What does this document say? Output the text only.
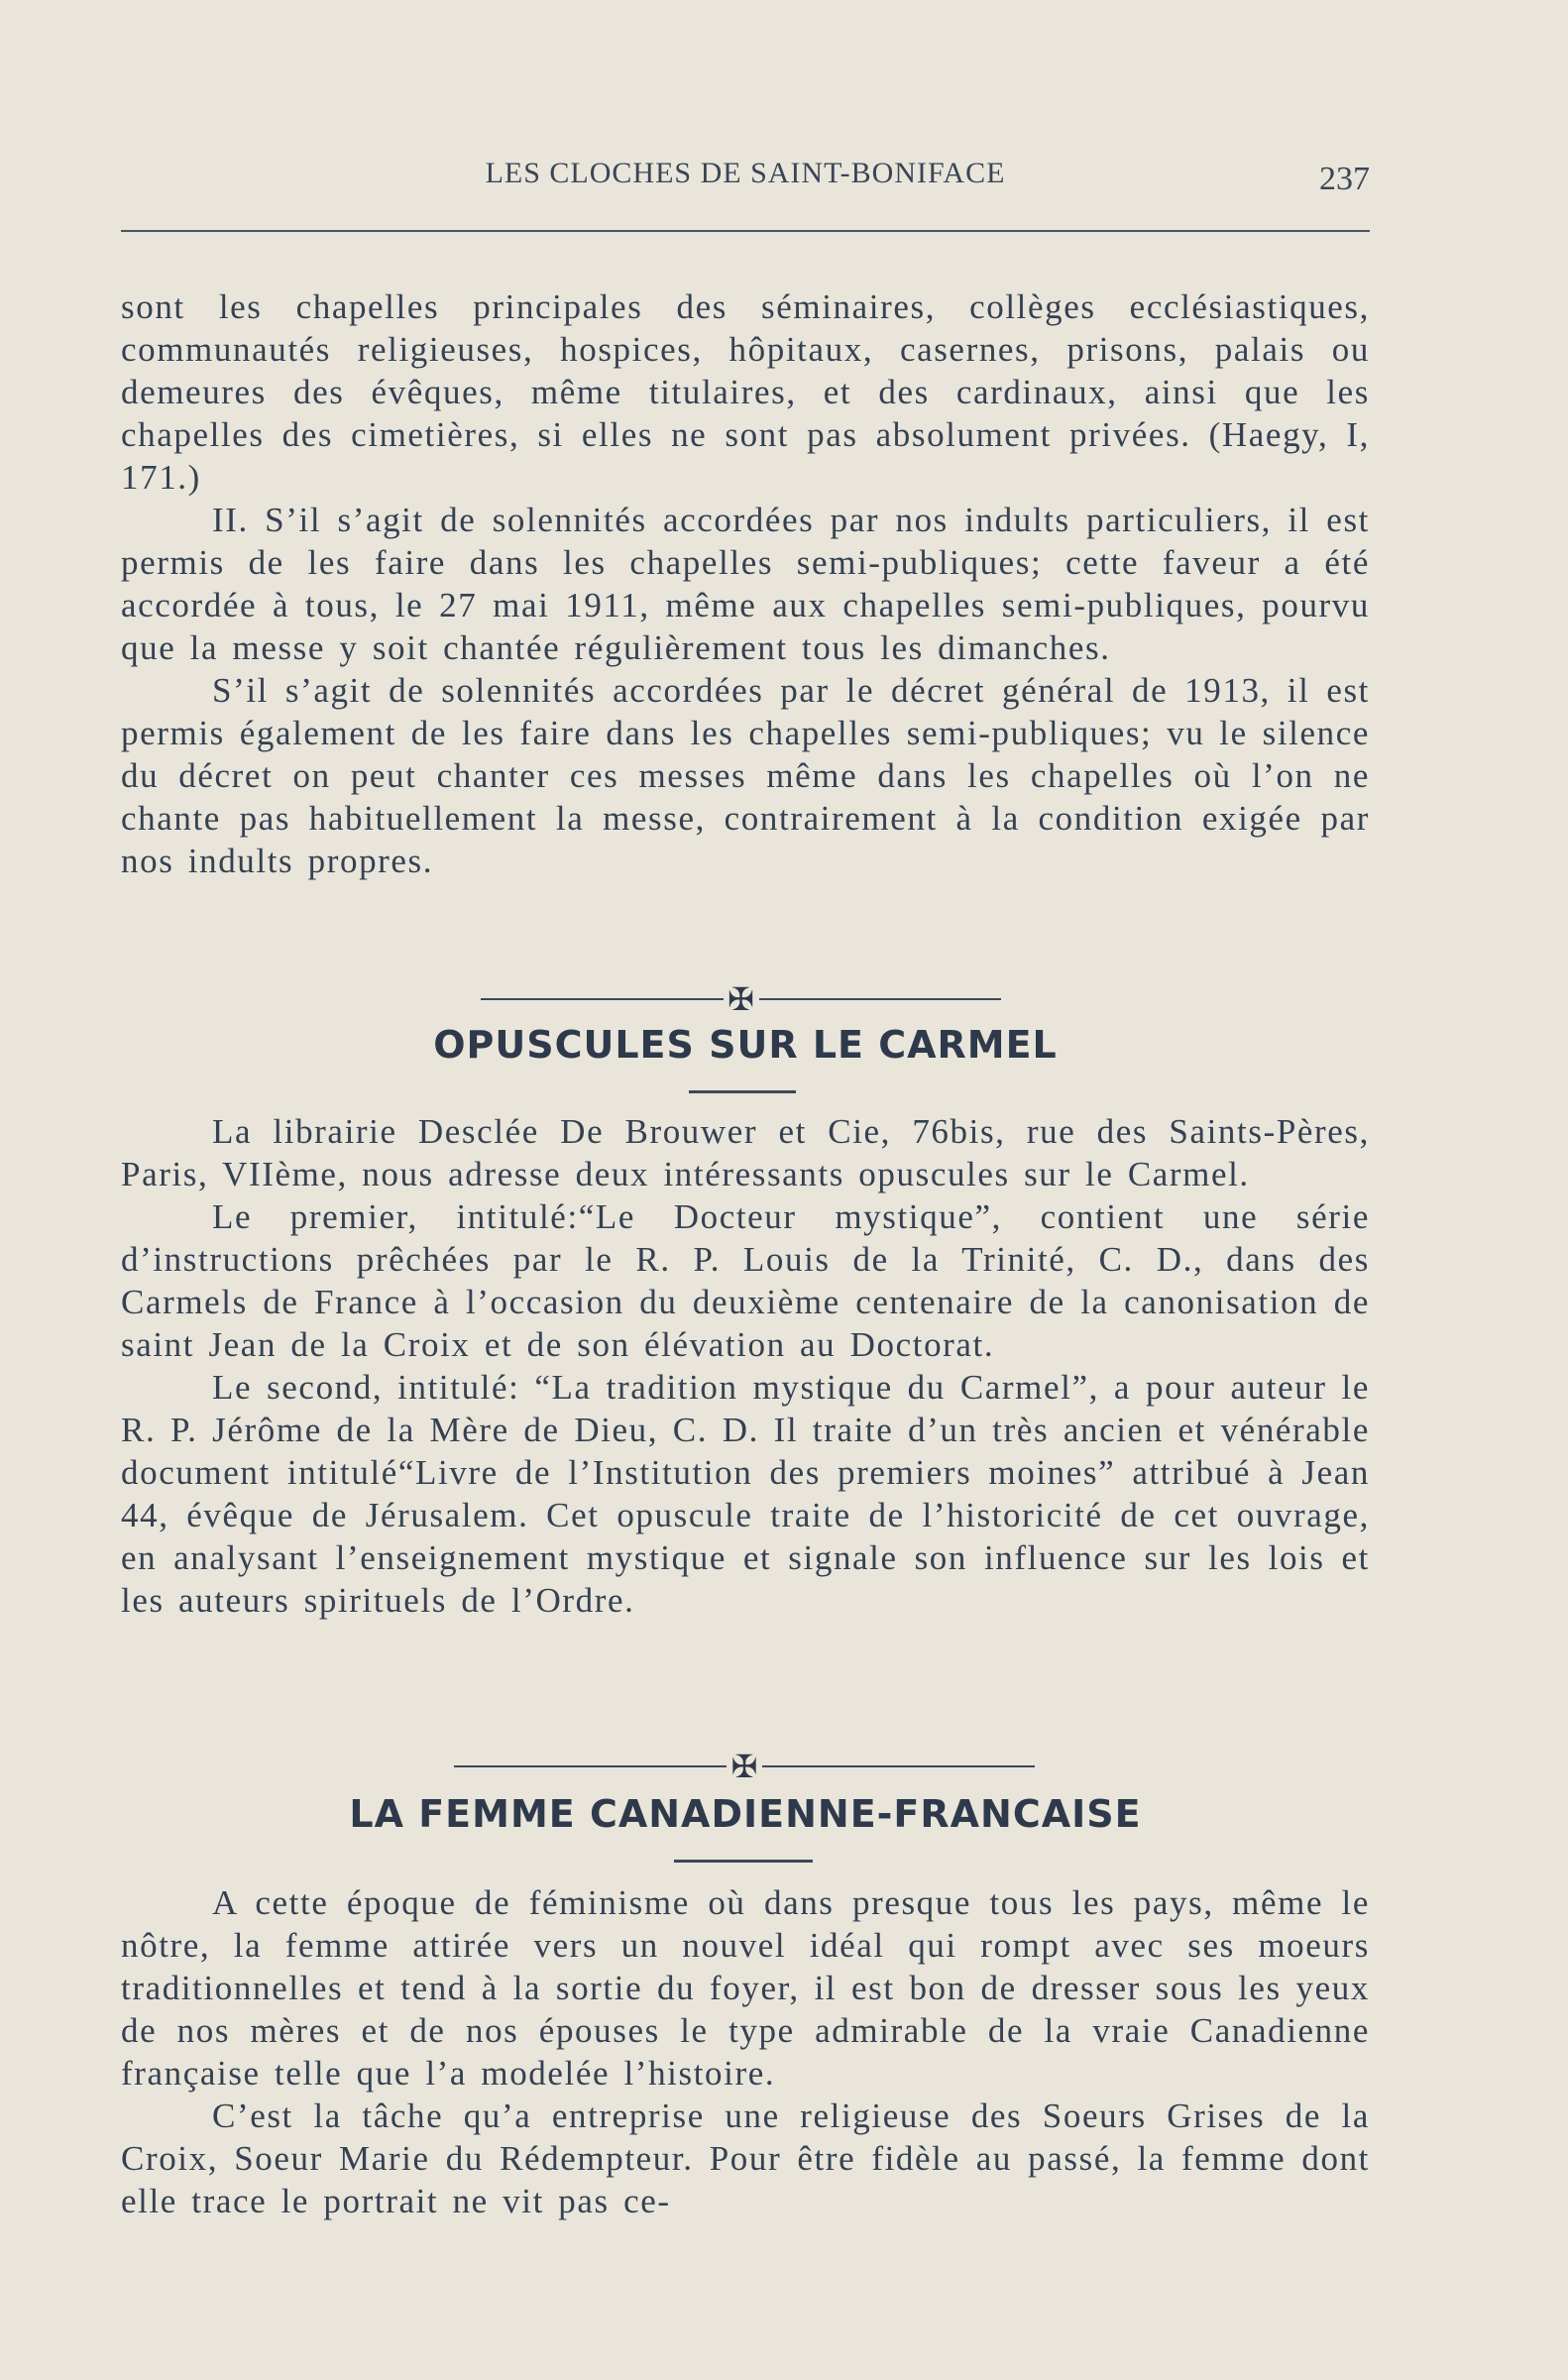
LES CLOCHES DE SAINT-BONIFACE	237

sont les chapelles principales des séminaires, collèges ecclésiastiques, communautés religieuses, hospices, hôpitaux, casernes, prisons, palais ou demeures des évêques, même titulaires, et des cardinaux, ainsi que les chapelles des cimetières, si elles ne sont pas absolument privées. (Haegy, I, 171.)

II. S’il s’agit de solennités accordées par nos indults particuliers, il est permis de les faire dans les chapelles semi-publiques; cette faveur a été accordée à tous, le 27 mai 1911, même aux chapelles semi-publiques, pourvu que la messe y soit chantée régulièrement tous les dimanches.

S’il s’agit de solennités accordées par le décret général de 1913, il est permis également de les faire dans les chapelles semi-publiques; vu le silence du décret on peut chanter ces messes même dans les chapelles où l’on ne chante pas habituellement la messe, contrairement à la condition exigée par nos indults propres.

✠
OPUSCULES SUR LE CARMEL

La librairie Desclée De Brouwer et Cie, 76bis, rue des Saints-Pères, Paris, VIIème, nous adresse deux intéressants opuscules sur le Carmel.

Le premier, intitulé:“Le Docteur mystique”, contient une série d’instructions prêchées par le R. P. Louis de la Trinité, C. D., dans des Carmels de France à l’occasion du deuxième centenaire de la canonisation de saint Jean de la Croix et de son élévation au Doctorat.

Le second, intitulé: “La tradition mystique du Carmel”, a pour auteur le R. P. Jérôme de la Mère de Dieu, C. D. Il traite d’un très ancien et vénérable document intitulé“Livre de l’Institution des premiers moines” attribué à Jean 44, évêque de Jérusalem. Cet opuscule traite de l’historicité de cet ouvrage, en analysant l’enseignement mystique et signale son influence sur les lois et les auteurs spirituels de l’Ordre.

✠
LA FEMME CANADIENNE-FRANCAISE

A cette époque de féminisme où dans presque tous les pays, même le nôtre, la femme attirée vers un nouvel idéal qui rompt avec ses moeurs traditionnelles et tend à la sortie du foyer, il est bon de dresser sous les yeux de nos mères et de nos épouses le type admirable de la vraie Canadienne française telle que l’a modelée l’histoire.

C’est la tâche qu’a entreprise une religieuse des Soeurs Grises de la Croix, Soeur Marie du Rédempteur. Pour être fidèle au passé, la femme dont elle trace le portrait ne vit pas ce-
